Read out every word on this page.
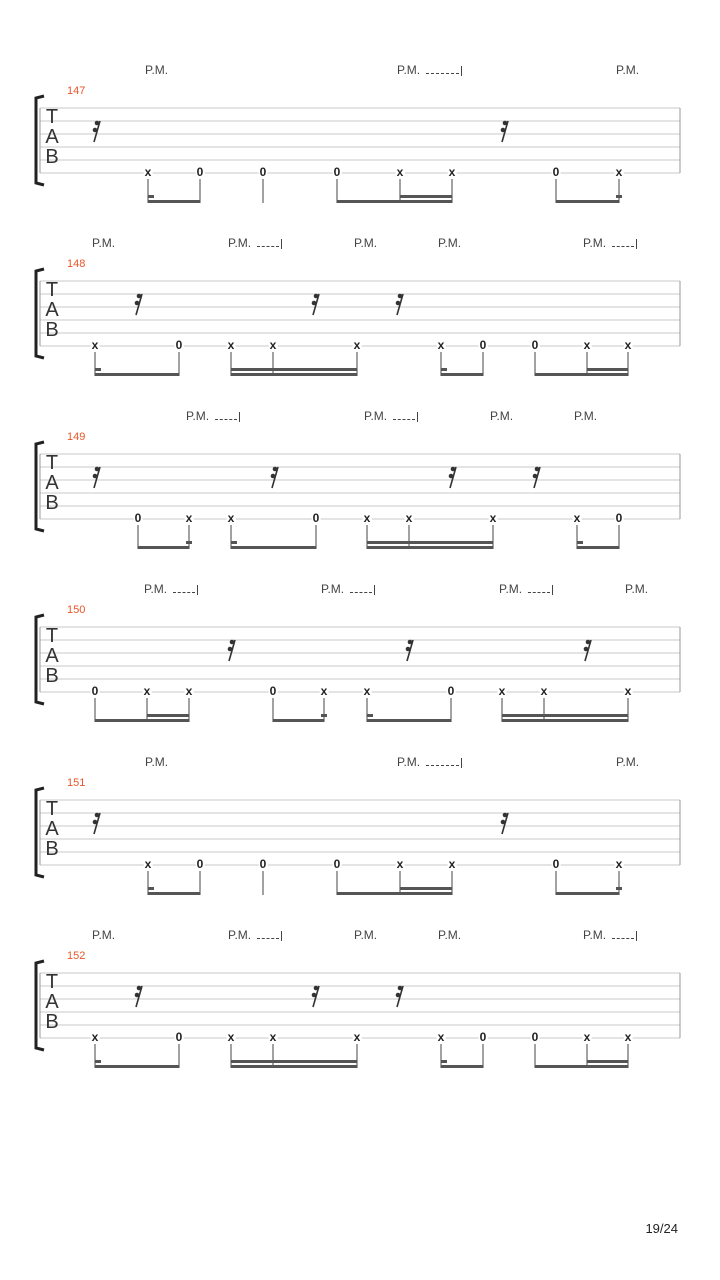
P.M.	P.M.	P.M.
147
T
A
B
x	0	0	0	x	x	0	x
P.M.	P.M.	P.M.	P.M.	P.M.
148
T
A
B
x	0	x	x	x	x	0	0	x	x
P.M.	P.M.	P.M.	P.M.
149
T
A
B
0	x	x	0	x	x	x	x	0
P.M.	P.M.	P.M.	P.M.
150
T
A
B
0	x	x	0	x	x	0	x	x	x
P.M.	P.M.	P.M.
151
T
A
B
x	0	0	0	x	x	0	x
P.M.	P.M.	P.M.	P.M.	P.M.
152
T
A
B
x	0	x	x	x	x	0	0	x	x
19/24
